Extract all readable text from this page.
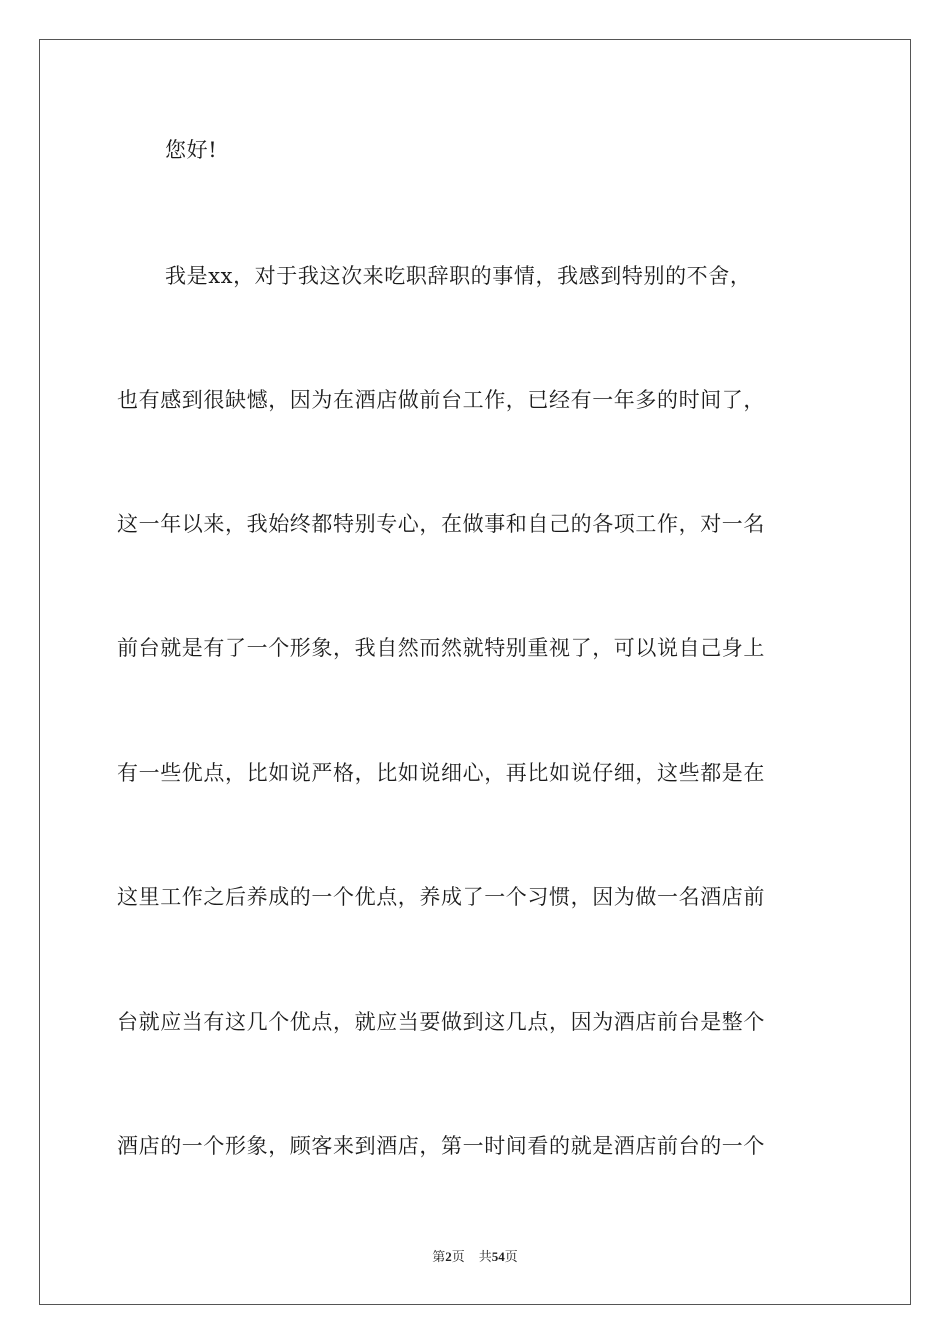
您好!
我是xx，对于我这次来吃职辞职的事情，我感到特别的不舍，
也有感到很缺憾，因为在酒店做前台工作，已经有一年多的时间了，
这一年以来，我始终都特别专心，在做事和自己的各项工作，对一名
前台就是有了一个形象，我自然而然就特别重视了，可以说自己身上
有一些优点，比如说严格，比如说细心，再比如说仔细，这些都是在
这里工作之后养成的一个优点，养成了一个习惯，因为做一名酒店前
台就应当有这几个优点，就应当要做到这几点，因为酒店前台是整个
酒店的一个形象，顾客来到酒店，第一时间看的就是酒店前台的一个
第2页 共54页
